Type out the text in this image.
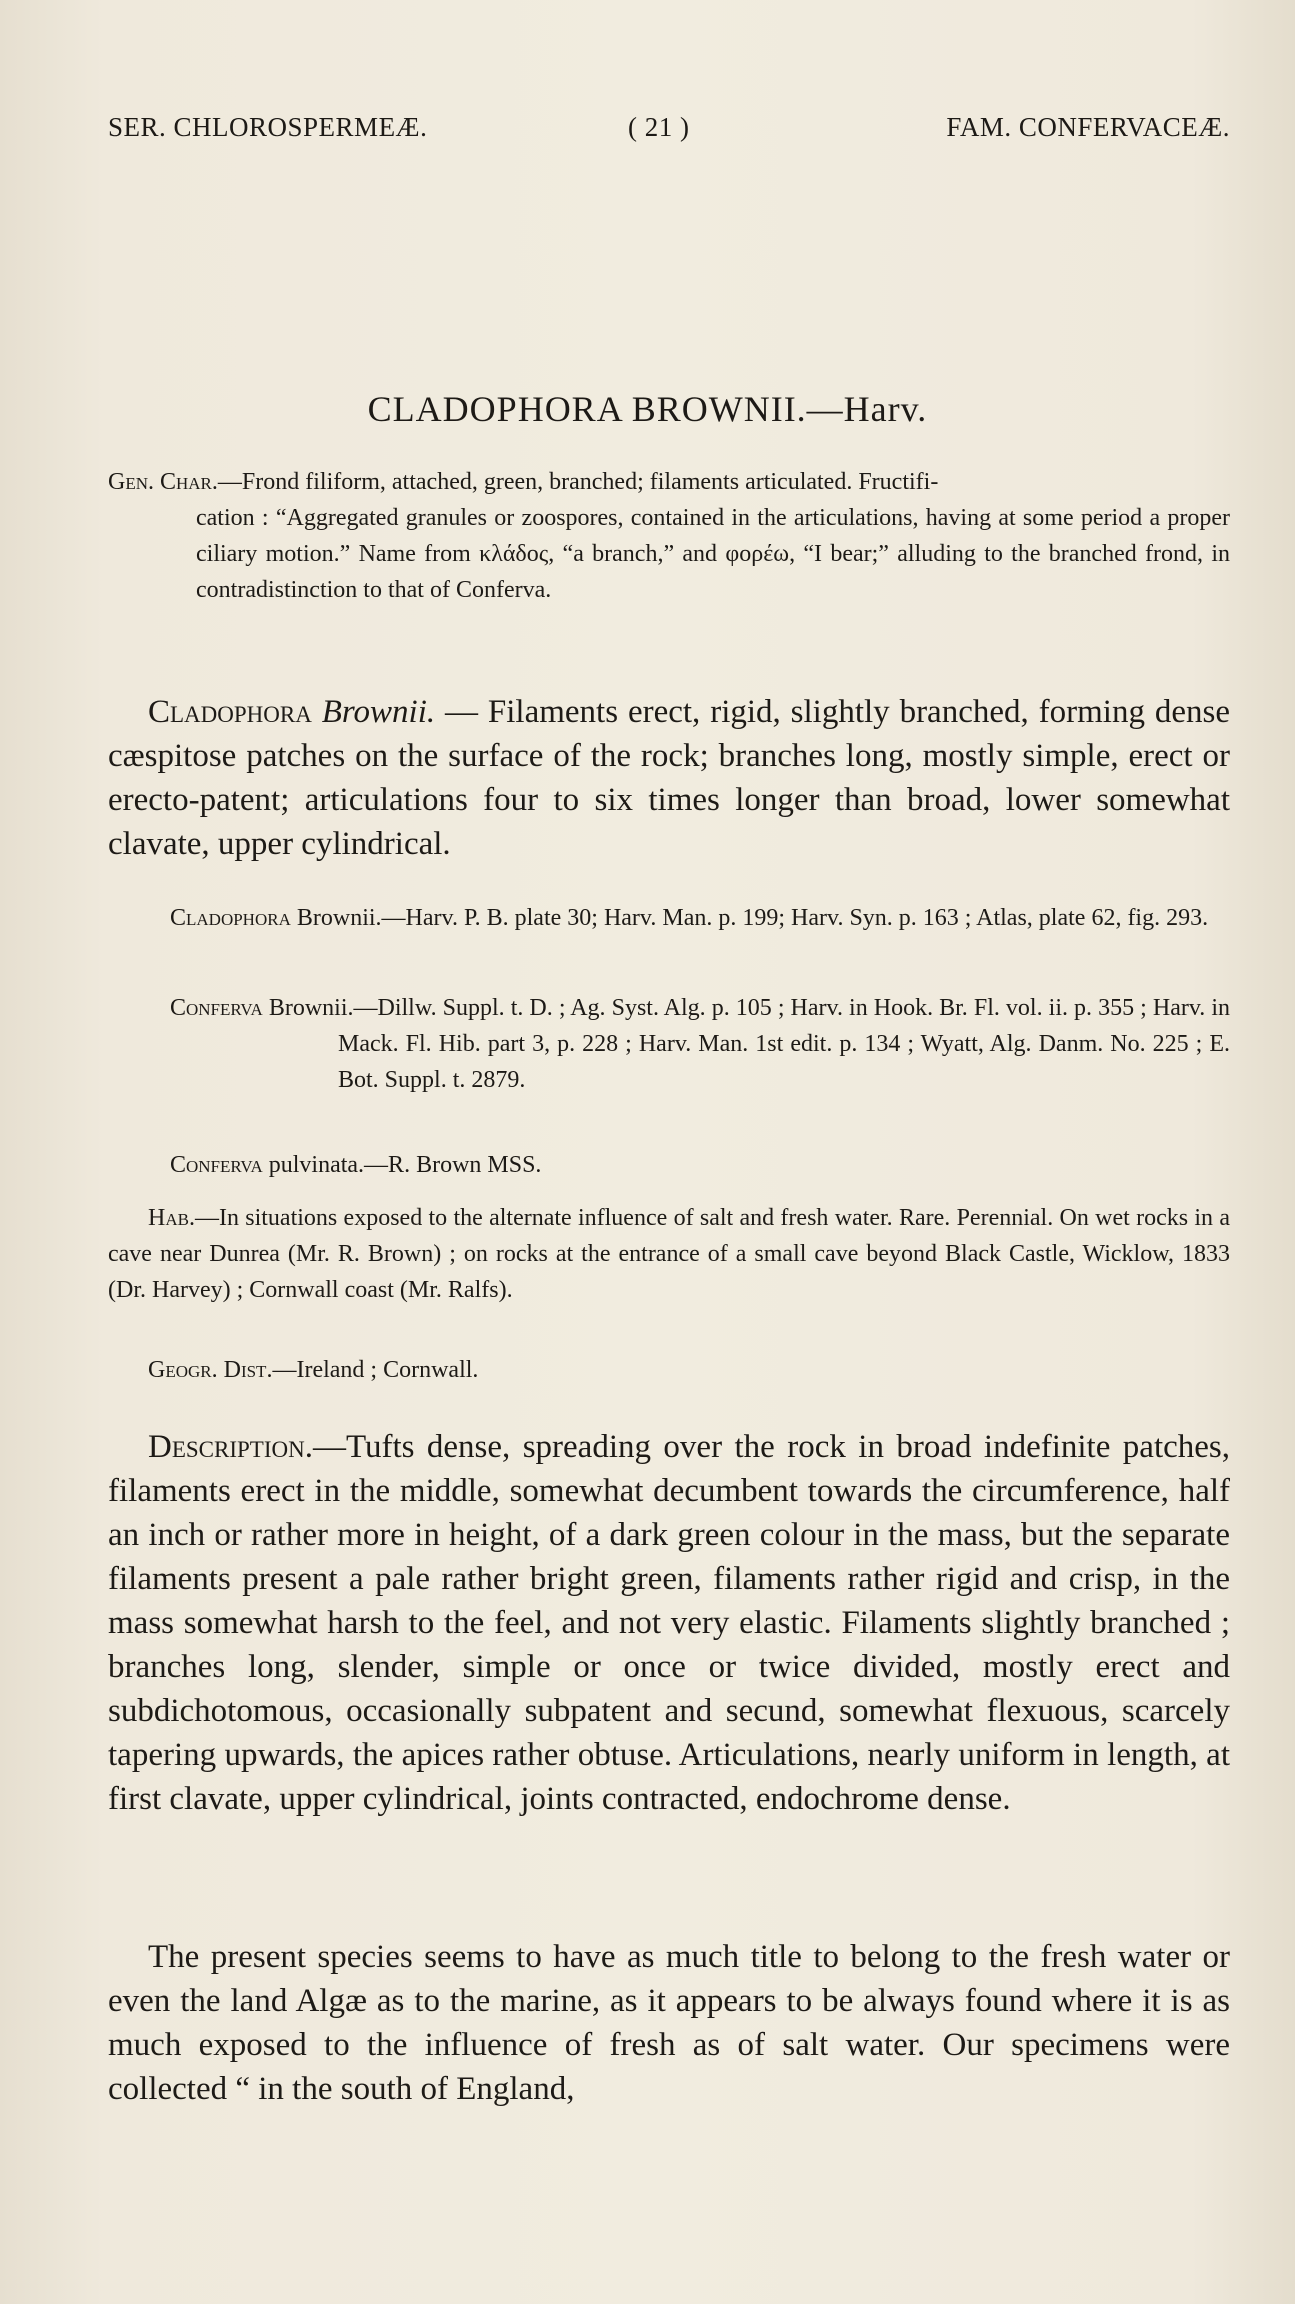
SER. CHLOROSPERMEÆ.	( 21 )	FAM. CONFERVACEÆ.
CLADOPHORA BROWNII.—Harv.
Gen. Char.—Frond filiform, attached, green, branched; filaments articulated. Fructifi-
cation : “Aggregated granules or zoospores, contained in the articulations, having at some period a proper ciliary motion.” Name from κλάδος, “a branch,” and φορέω, “I bear;” alluding to the branched frond, in contradistinction to that of Conferva.
Cladophora Brownii. — Filaments erect, rigid, slightly branched, forming dense cæspitose patches on the surface of the rock; branches long, mostly simple, erect or erecto-patent; articulations four to six times longer than broad, lower somewhat clavate, upper cylindrical.
Cladophora Brownii.—Harv. P. B. plate 30; Harv. Man. p. 199; Harv. Syn. p. 163 ; Atlas, plate 62, fig. 293.
Conferva Brownii.—Dillw. Suppl. t. D. ; Ag. Syst. Alg. p. 105 ; Harv. in Hook. Br. Fl. vol. ii. p. 355 ; Harv. in Mack. Fl. Hib. part 3, p. 228 ; Harv. Man. 1st edit. p. 134 ; Wyatt, Alg. Danm. No. 225 ; E. Bot. Suppl. t. 2879.
Conferva pulvinata.—R. Brown MSS.
Hab.—In situations exposed to the alternate influence of salt and fresh water. Rare. Perennial. On wet rocks in a cave near Dunrea (Mr. R. Brown) ; on rocks at the entrance of a small cave beyond Black Castle, Wicklow, 1833 (Dr. Harvey) ; Cornwall coast (Mr. Ralfs).
Geogr. Dist.—Ireland ; Cornwall.
Description.—Tufts dense, spreading over the rock in broad indefinite patches, filaments erect in the middle, somewhat decumbent towards the circumference, half an inch or rather more in height, of a dark green colour in the mass, but the separate filaments present a pale rather bright green, filaments rather rigid and crisp, in the mass somewhat harsh to the feel, and not very elastic. Filaments slightly branched ; branches long, slender, simple or once or twice divided, mostly erect and subdichotomous, occasionally subpatent and secund, somewhat flexuous, scarcely tapering upwards, the apices rather obtuse. Articulations, nearly uniform in length, at first clavate, upper cylindrical, joints contracted, endochrome dense.
The present species seems to have as much title to belong to the fresh water or even the land Algæ as to the marine, as it appears to be always found where it is as much exposed to the influence of fresh as of salt water. Our specimens were collected “ in the south of England,
